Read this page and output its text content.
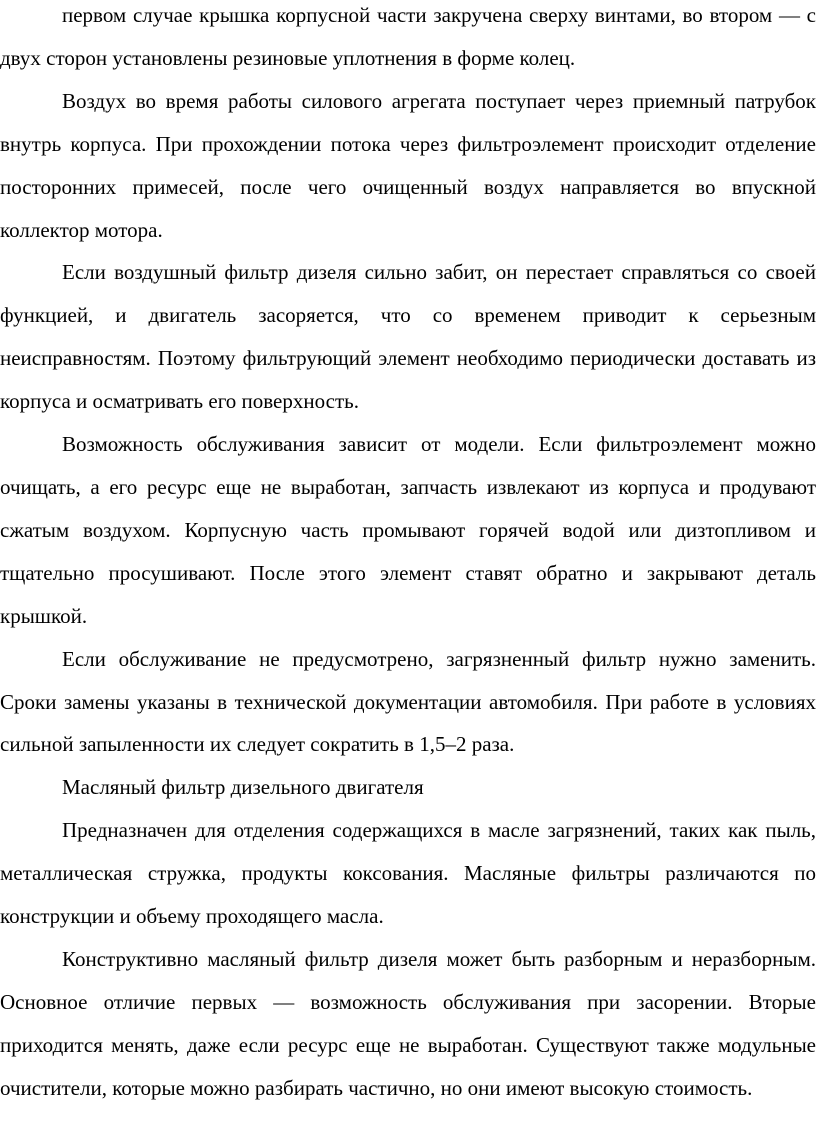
первом случае крышка корпусной части закручена сверху винтами, во втором — с двух сторон установлены резиновые уплотнения в форме колец.

Воздух во время работы силового агрегата поступает через приемный патрубок внутрь корпуса. При прохождении потока через фильтроэлемент происходит отделение посторонних примесей, после чего очищенный воздух направляется во впускной коллектор мотора.

Если воздушный фильтр дизеля сильно забит, он перестает справляться со своей функцией, и двигатель засоряется, что со временем приводит к серьезным неисправностям. Поэтому фильтрующий элемент необходимо периодически доставать из корпуса и осматривать его поверхность.

Возможность обслуживания зависит от модели. Если фильтроэлемент можно очищать, а его ресурс еще не выработан, запчасть извлекают из корпуса и продувают сжатым воздухом. Корпусную часть промывают горячей водой или дизтопливом и тщательно просушивают. После этого элемент ставят обратно и закрывают деталь крышкой.

Если обслуживание не предусмотрено, загрязненный фильтр нужно заменить. Сроки замены указаны в технической документации автомобиля. При работе в условиях сильной запыленности их следует сократить в 1,5–2 раза.

Масляный фильтр дизельного двигателя

Предназначен для отделения содержащихся в масле загрязнений, таких как пыль, металлическая стружка, продукты коксования. Масляные фильтры различаются по конструкции и объему проходящего масла.

Конструктивно масляный фильтр дизеля может быть разборным и неразборным. Основное отличие первых — возможность обслуживания при засорении. Вторые приходится менять, даже если ресурс еще не выработан. Существуют также модульные очистители, которые можно разбирать частично, но они имеют высокую стоимость.
